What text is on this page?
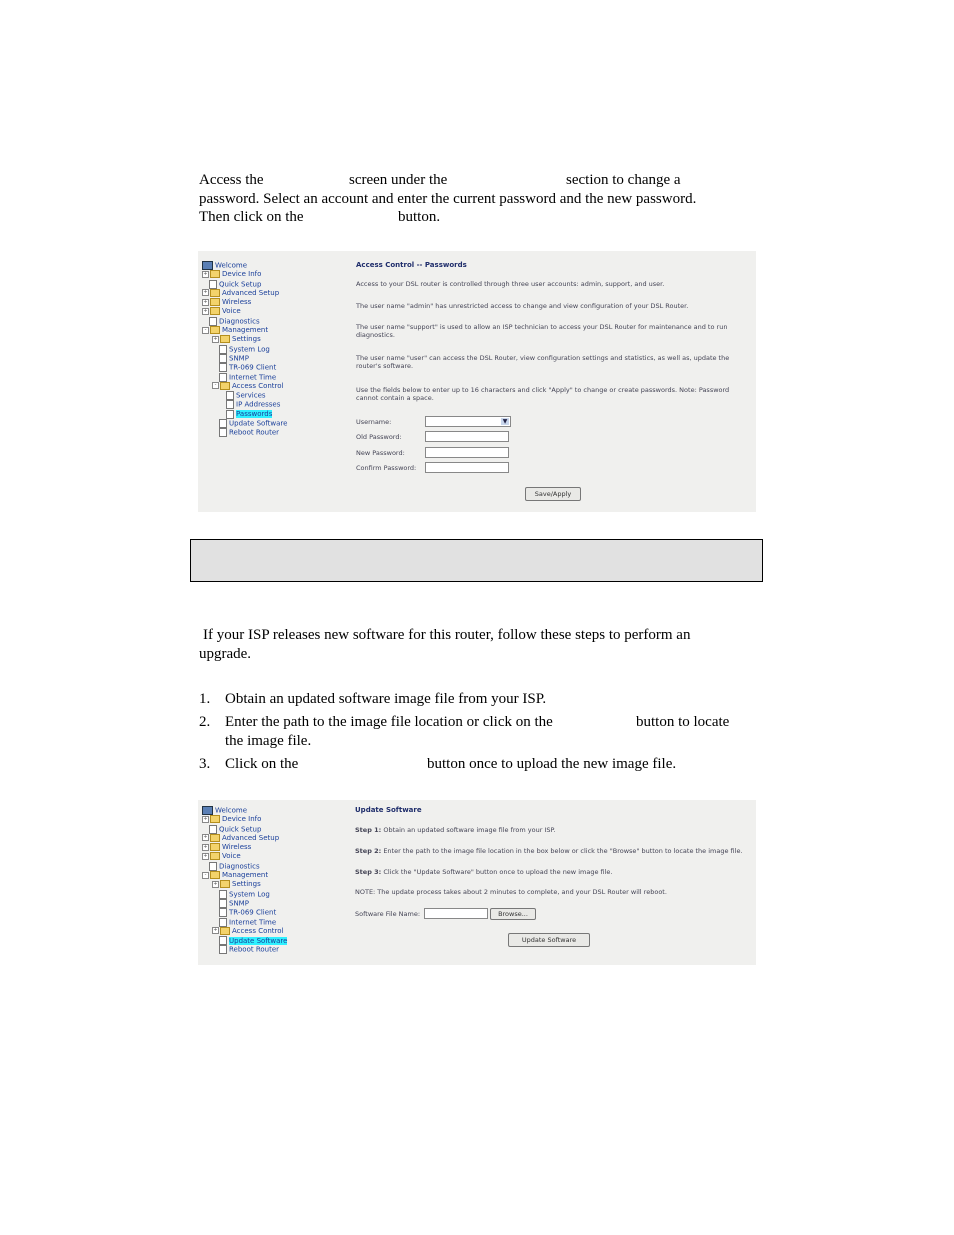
Access the	screen under the	section to change a
password. Select an account and enter the current password and the new password.
Then click on the	button.
Welcome
+ Device Info
Quick Setup
+ Advanced Setup
+ Wireless
+ Voice
Diagnostics
- Management
+ Settings
System Log
SNMP
TR-069 Client
Internet Time
- Access Control
Services
IP Addresses
Passwords
Update Software
Reboot Router
Access Control -- Passwords
Access to your DSL router is controlled through three user accounts: admin, support, and user.
The user name "admin" has unrestricted access to change and view configuration of your DSL Router.
The user name "support" is used to allow an ISP technician to access your DSL Router for maintenance and to run diagnostics.
The user name "user" can access the DSL Router, view configuration settings and statistics, as well as, update the router's software.
Use the fields below to enter up to 16 characters and click "Apply" to change or create passwords. Note: Password cannot contain a space.
Username:	▼
Old Password:
New Password:
Confirm Password:
Save/Apply
If your ISP releases new software for this router, follow these steps to perform an
upgrade.
1. Obtain an updated software image file from your ISP.
2. Enter the path to the image file location or click on the	button to locate
the image file.
3. Click on the	button once to upload the new image file.
Welcome
+ Device Info
Quick Setup
+ Advanced Setup
+ Wireless
+ Voice
Diagnostics
- Management
+ Settings
System Log
SNMP
TR-069 Client
Internet Time
+ Access Control
Update Software
Reboot Router
Update Software
Step 1: Obtain an updated software image file from your ISP.
Step 2: Enter the path to the image file location in the box below or click the "Browse" button to locate the image file.
Step 3: Click the "Update Software" button once to upload the new image file.
NOTE: The update process takes about 2 minutes to complete, and your DSL Router will reboot.
Software File Name:	Browse...
Update Software
